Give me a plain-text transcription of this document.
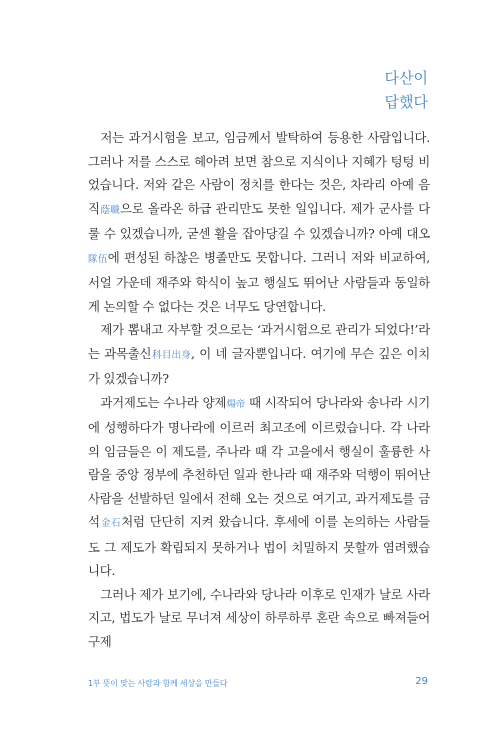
다산이
답했다

저는 과거시험을 보고, 임금께서 발탁하여 등용한 사람입니다. 그러나 저를 스스로 헤아려 보면 참으로 지식이나 지혜가 텅텅 비었습니다. 저와 같은 사람이 정치를 한다는 것은, 차라리 아예 음직蔭職으로 올라온 하급 관리만도 못한 일입니다. 제가 군사를 다룰 수 있겠습니까, 굳센 활을 잡아당길 수 있겠습니까? 아예 대오隊伍에 편성된 하찮은 병졸만도 못합니다. 그러니 저와 비교하여, 서얼 가운데 재주와 학식이 높고 행실도 뛰어난 사람들과 동일하게 논의할 수 없다는 것은 너무도 당연합니다.

제가 뽐내고 자부할 것으로는 ‘과거시험으로 관리가 되었다!’라는 과목출신科目出身, 이 네 글자뿐입니다. 여기에 무슨 깊은 이치가 있겠습니까?

과거제도는 수나라 양제煬帝 때 시작되어 당나라와 송나라 시기에 성행하다가 명나라에 이르러 최고조에 이르렀습니다. 각 나라의 임금들은 이 제도를, 주나라 때 각 고을에서 행실이 훌륭한 사람을 중앙 정부에 추천하던 일과 한나라 때 재주와 덕행이 뛰어난 사람을 선발하던 일에서 전해 오는 것으로 여기고, 과거제도를 금석金石처럼 단단히 지켜 왔습니다. 후세에 이를 논의하는 사람들도 그 제도가 확립되지 못하거나 법이 치밀하지 못할까 염려했습니다.

그러나 제가 보기에, 수나라와 당나라 이후로 인재가 날로 사라지고, 법도가 날로 무너져 세상이 하루하루 혼란 속으로 빠져들어 구제

1부 뜻이 맞는 사람과 함께 세상을 만들다	29
